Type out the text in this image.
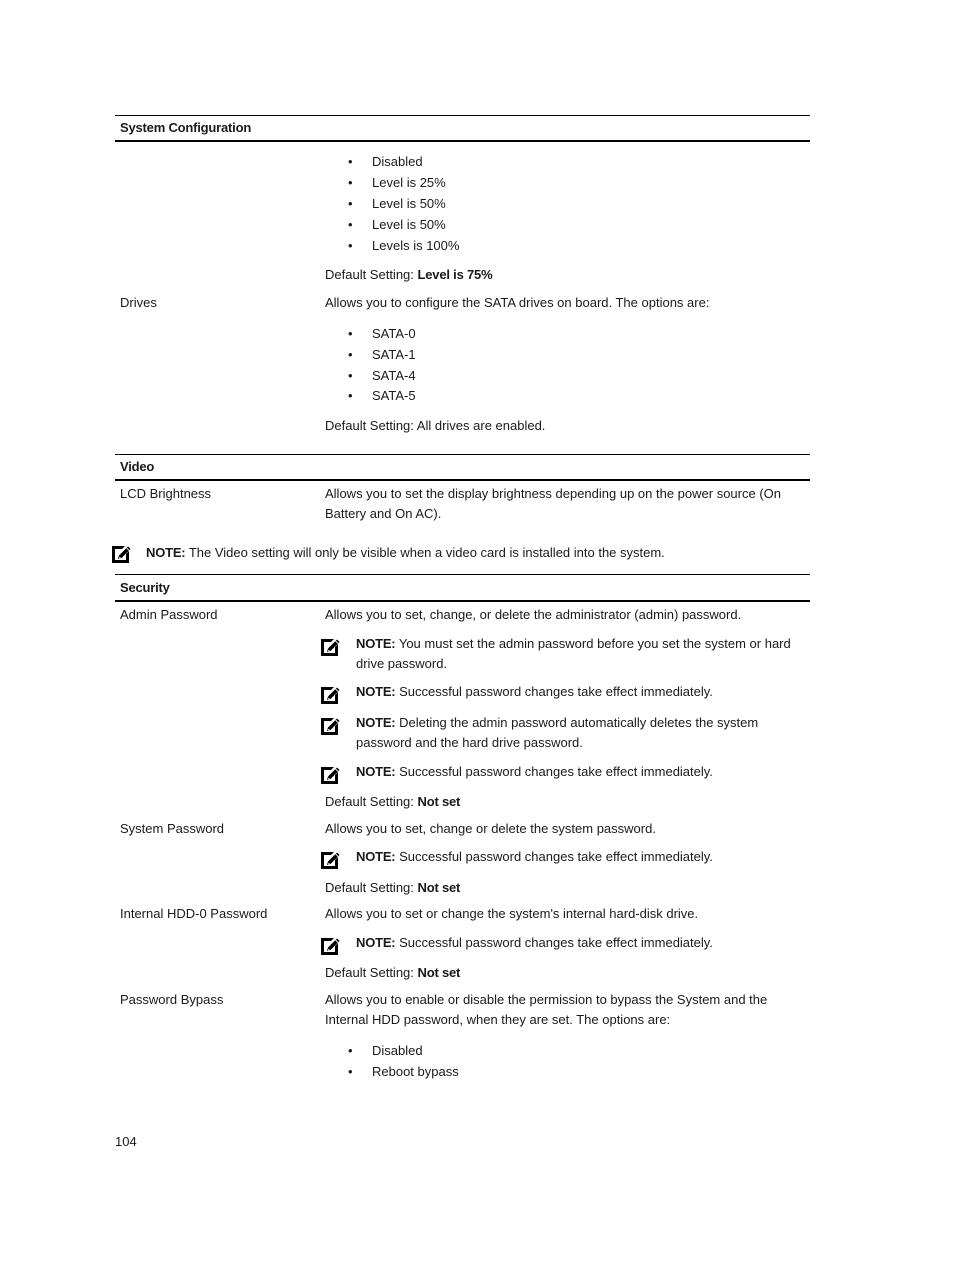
System Configuration
Disabled
Level is 25%
Level is 50%
Level is 50%
Levels is 100%
Default Setting: Level is 75%
Drives	Allows you to configure the SATA drives on board. The options are:
SATA-0
SATA-1
SATA-4
SATA-5
Default Setting: All drives are enabled.
Video
LCD Brightness	Allows you to set the display brightness depending up on the power source (On Battery and On AC).
NOTE: The Video setting will only be visible when a video card is installed into the system.
Security
Admin Password	Allows you to set, change, or delete the administrator (admin) password.
NOTE: You must set the admin password before you set the system or hard drive password.
NOTE: Successful password changes take effect immediately.
NOTE: Deleting the admin password automatically deletes the system password and the hard drive password.
NOTE: Successful password changes take effect immediately.
Default Setting: Not set
System Password	Allows you to set, change or delete the system password.
NOTE: Successful password changes take effect immediately.
Default Setting: Not set
Internal HDD-0 Password	Allows you to set or change the system's internal hard-disk drive.
NOTE: Successful password changes take effect immediately.
Default Setting: Not set
Password Bypass	Allows you to enable or disable the permission to bypass the System and the Internal HDD password, when they are set. The options are:
Disabled
Reboot bypass
104
